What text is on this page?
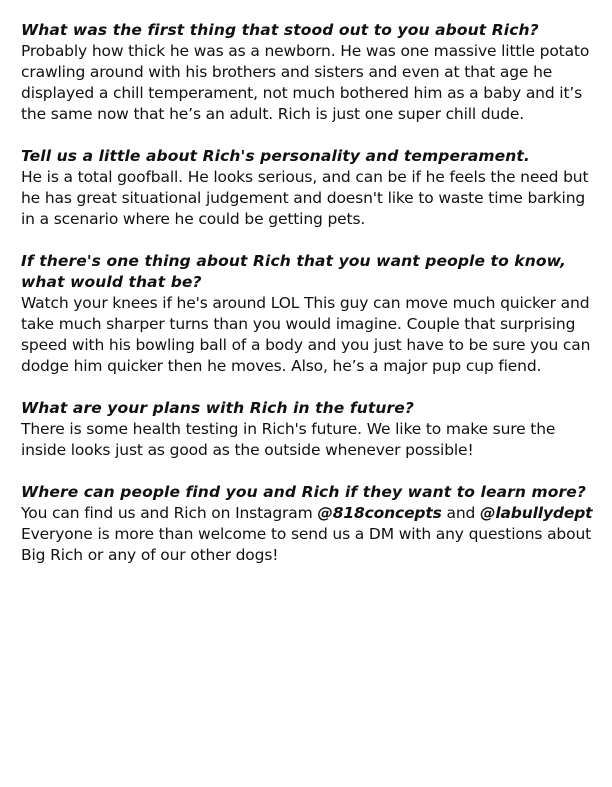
What was the first thing that stood out to you about Rich?

Probably how thick he was as a newborn. He was one massive little potato crawling around with his brothers and sisters and even at that age he displayed a chill temperament, not much bothered him as a baby and it’s the same now that he’s an adult. Rich is just one super chill dude.

Tell us a little about Rich's personality and temperament.

He is a total goofball. He looks serious, and can be if he feels the need but he has great situational judgement and doesn't like to waste time barking in a scenario where he could be getting pets.

If there's one thing about Rich that you want people to know, what would that be?

Watch your knees if he's around LOL This guy can move much quicker and take much sharper turns than you would imagine. Couple that surprising speed with his bowling ball of a body and you just have to be sure you can dodge him quicker then he moves. Also, he’s a major pup cup fiend.

What are your plans with Rich in the future?

There is some health testing in Rich's future. We like to make sure the inside looks just as good as the outside whenever possible!

Where can people find you and Rich if they want to learn more?

You can find us and Rich on Instagram @818concepts and @labullydept
Everyone is more than welcome to send us a DM with any questions about Big Rich or any of our other dogs!
